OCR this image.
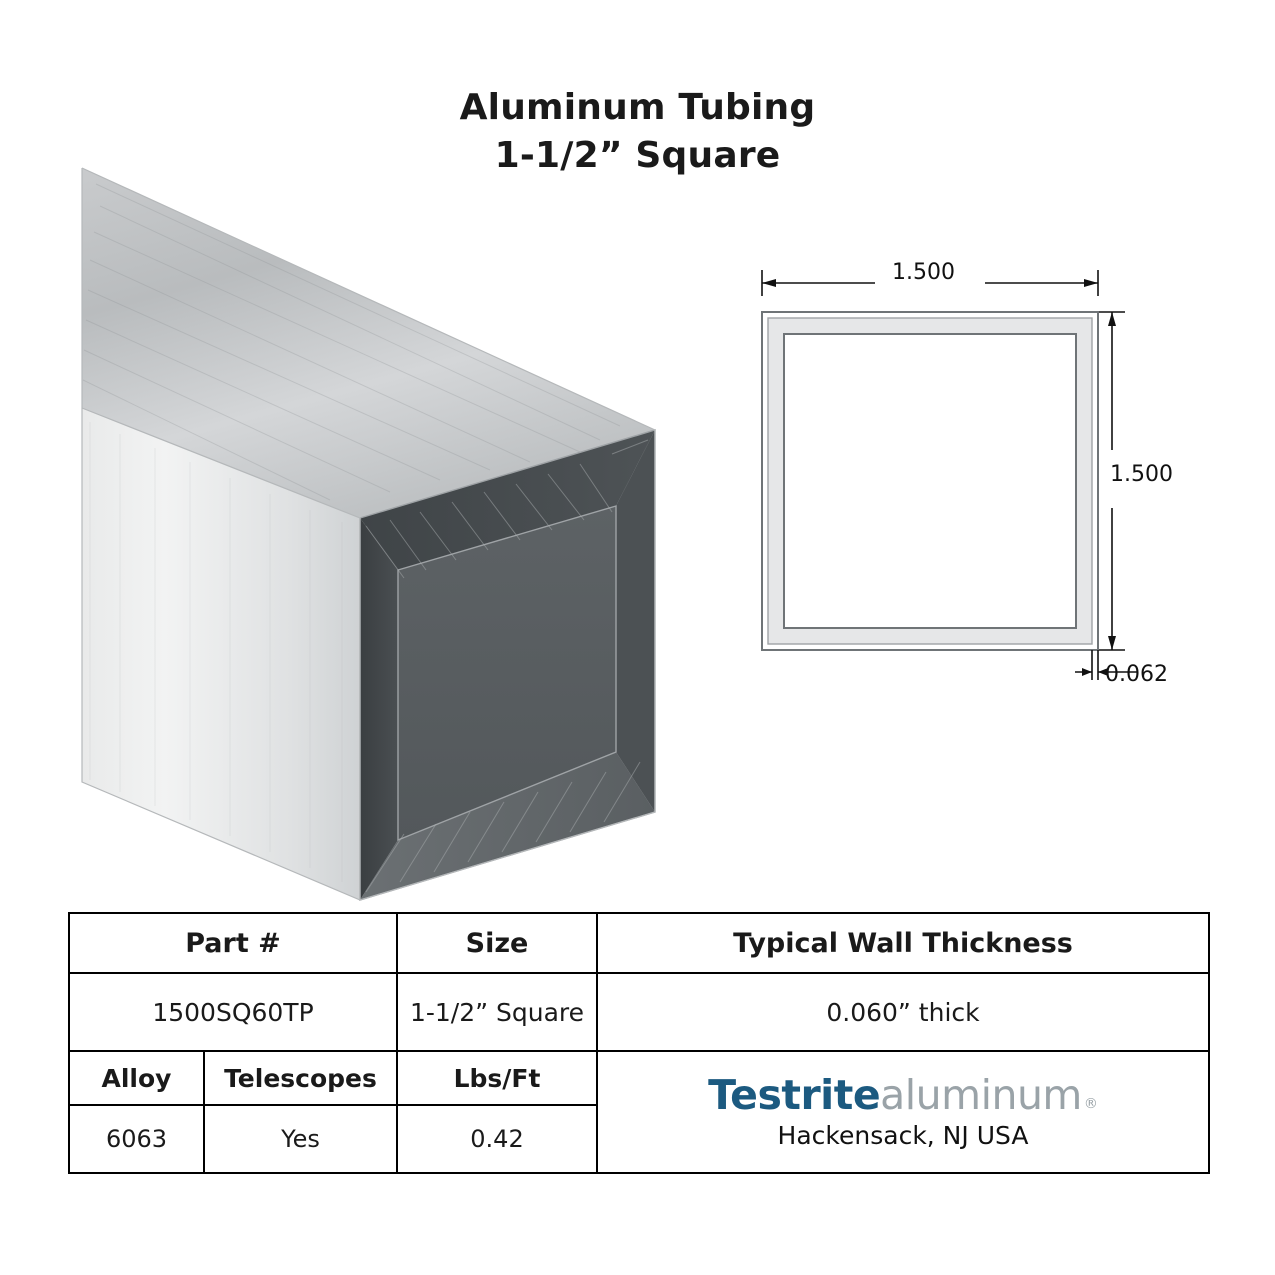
Aluminum Tubing
1-1/2” Square
1.500
1.500
0.062
Part #		Size	Typical Wall Thickness
1500SQ60TP		1-1/2” Square	0.060” thick
Alloy	Telescopes	Lbs/Ft	Testrite aluminum ®
Hackensack, NJ USA

6063	Yes	0.42	
